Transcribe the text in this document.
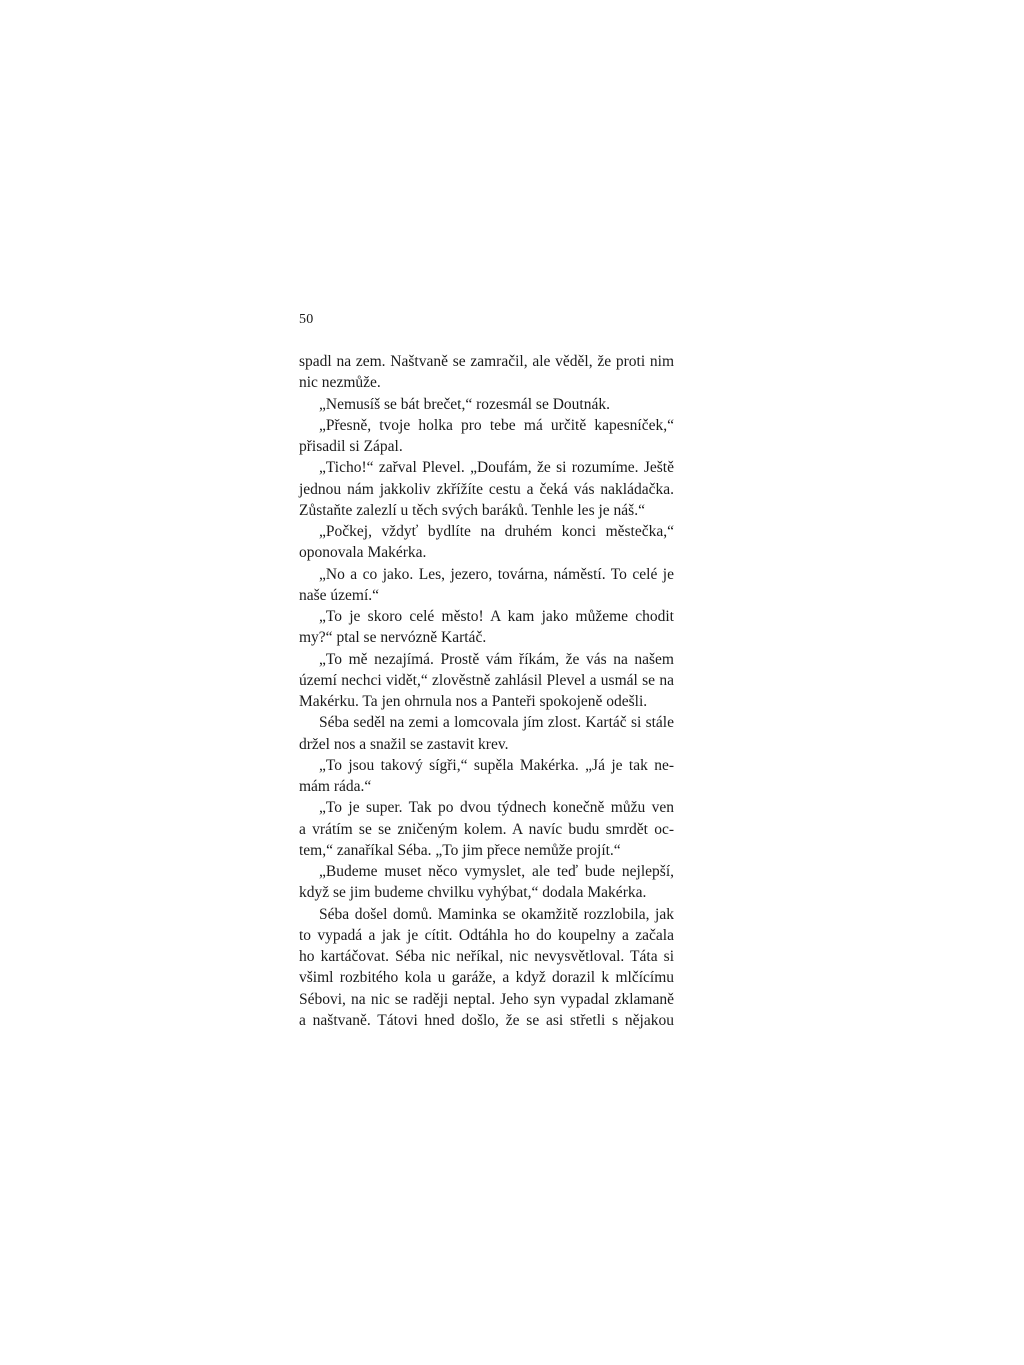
50
spadl na zem. Naštvaně se zamračil, ale věděl, že proti nim
nic nezmůže.
„Nemusíš se bát brečet,“ rozesmál se Doutnák.
„Přesně, tvoje holka pro tebe má určitě kapesníček,“
přisadil si Zápal.
„Ticho!“ zařval Plevel. „Doufám, že si rozumíme. Ještě
jednou nám jakkoliv zkřížíte cestu a čeká vás nakládačka.
Zůstaňte zalezlí u těch svých baráků. Tenhle les je náš.“
„Počkej, vždyť bydlíte na druhém konci městečka,“
oponovala Makérka.
„No a co jako. Les, jezero, továrna, náměstí. To celé je
naše území.“
„To je skoro celé město! A kam jako můžeme chodit
my?“ ptal se nervózně Kartáč.
„To mě nezajímá. Prostě vám říkám, že vás na našem
území nechci vidět,“ zlověstně zahlásil Plevel a usmál se na
Makérku. Ta jen ohrnula nos a Panteři spokojeně odešli.
Séba seděl na zemi a lomcovala jím zlost. Kartáč si stále
držel nos a snažil se zastavit krev.
„To jsou takový sígři,“ supěla Makérka. „Já je tak ne-
mám ráda.“
„To je super. Tak po dvou týdnech konečně můžu ven
a vrátím se se zničeným kolem. A navíc budu smrdět oc-
tem,“ zanaříkal Séba. „To jim přece nemůže projít.“
„Budeme muset něco vymyslet, ale teď bude nejlepší,
když se jim budeme chvilku vyhýbat,“ dodala Makérka.
Séba došel domů. Maminka se okamžitě rozzlobila, jak
to vypadá a jak je cítit. Odtáhla ho do koupelny a začala
ho kartáčovat. Séba nic neříkal, nic nevysvětloval. Táta si
všiml rozbitého kola u garáže, a když dorazil k mlčícímu
Sébovi, na nic se raději neptal. Jeho syn vypadal zklamaně
a naštvaně. Tátovi hned došlo, že se asi střetli s nějakou
